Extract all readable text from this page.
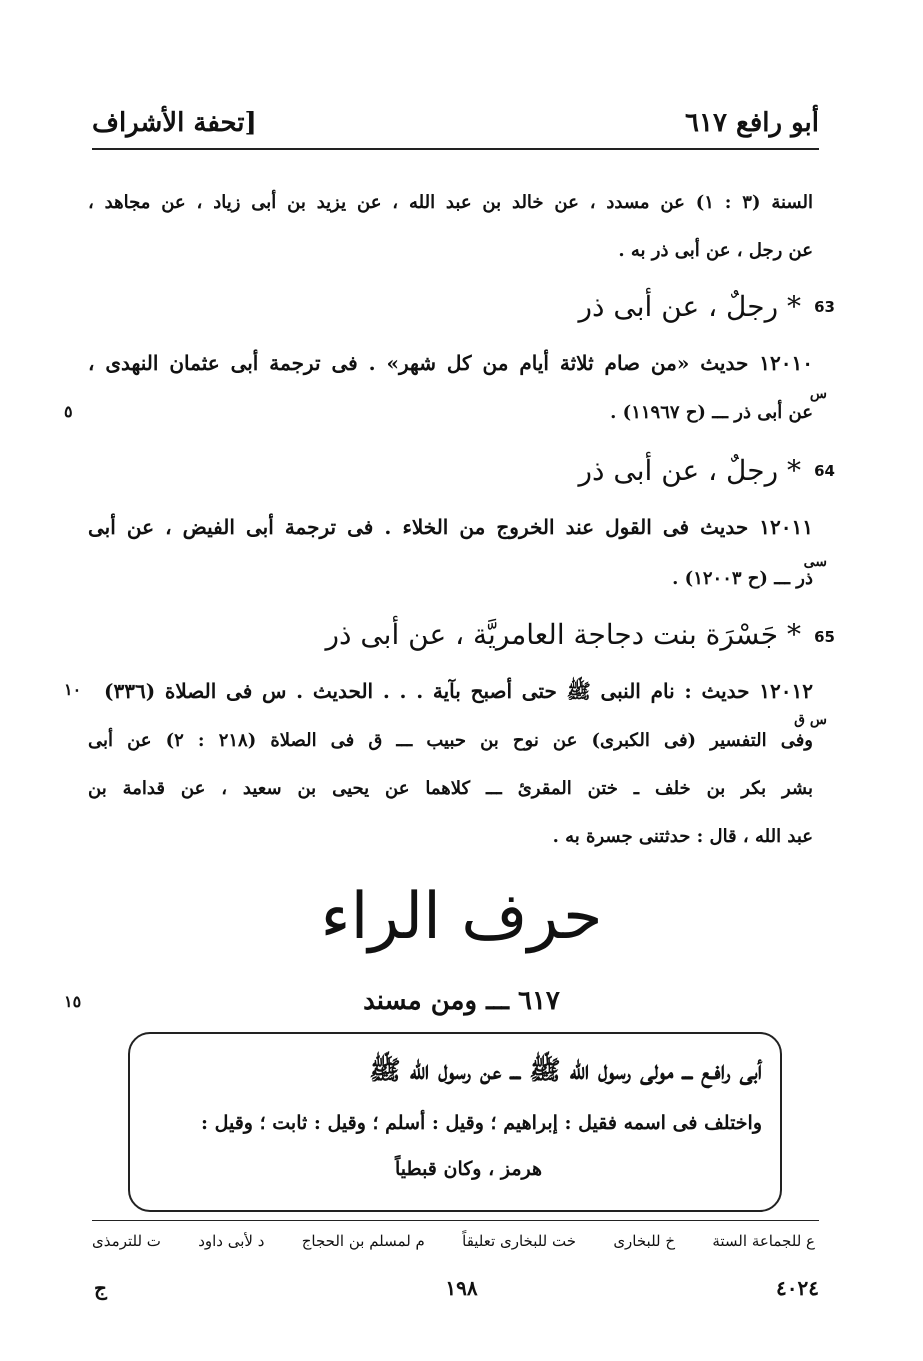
أبو رافع ٦١٧
[تحفة الأشراف
السنة (٣ : ١) عن مسدد ، عن خالد بن عبد الله ، عن يزيد بن أبى زياد ، عن مجاهد ،
عن رجل ، عن أبى ذر به .
63
* رجلٌ ، عن أبى ذر
١٢٠١٠ حديث «من صام ثلاثة أيام من كل شهر» . فى ترجمة أبى عثمان النهدى ،
س
عن أبى ذر ـــ (ح ١١٩٦٧) .
٥
64
* رجلٌ ، عن أبى ذر
١٢٠١١ حديث فى القول عند الخروج من الخلاء . فى ترجمة أبى الفيض ، عن أبى
سى
ذر ـــ (ح ١٢٠٠٣) .
65
* جَسْرَة بنت دجاجة العامريَّة ، عن أبى ذر
١٢٠١٢ حديث : نام النبى ﷺ حتى أصبح بآية . . . الحديث . س فى الصلاة (٣٣٦)
١٠
س ق
وفى التفسير (فى الكبرى) عن نوح بن حبيب ـــ ق فى الصلاة (٢١٨ : ٢) عن أبى
بشر بكر بن خلف ـ ختن المقرئ ـــ كلاهما عن يحيى بن سعيد ، عن قدامة بن
عبد الله ، قال : حدثتنى جسرة به .
حرف الراء
٦١٧ ـــ ومن مسند
١٥
أبى رافـع ـــ مولى رسول الله ﷺ ـــ عن رسول الله ﷺ
واختلف فى اسمه فقيل : إبراهيم ؛ وقيل : أسلم ؛ وقيل : ثابت ؛ وقيل :
هرمز ، وكان قبطياً
ع للجماعة الستة
خ للبخارى
خت للبخارى تعليقاً
م لمسلم بن الحجاج
د لأبى داود
ت للترمذى
ج	١٩٨	٤٠٢٤
